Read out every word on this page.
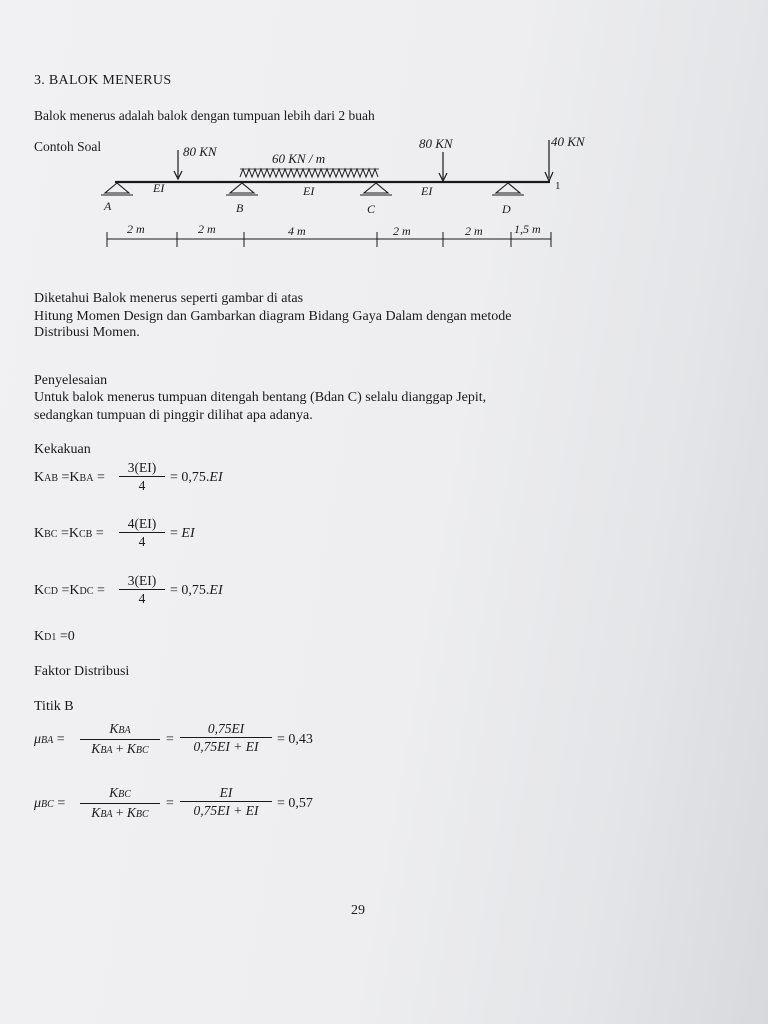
3. BALOK MENERUS
Balok menerus adalah balok dengan tumpuan lebih dari 2 buah
Contoh Soal	80 KN	60 KN / m
80 KN	40 KN
EI	EI	EI
A	B	C	D
1
2 m	2 m	4 m	2 m	2 m	1,5 m
Diketahui Balok menerus seperti gambar di atas
Hitung Momen Design dan Gambarkan diagram Bidang Gaya Dalam dengan metode
Distribusi Momen.
Penyelesaian
Untuk balok menerus tumpuan ditengah bentang (Bdan C) selalu dianggap Jepit,
sedangkan tumpuan di pinggir dilihat apa adanya.
Kekakuan
KAB =KBA =
3(EI)
4
= 0,75.EI
KBC =KCB =
4(EI)
4
= EI
KCD =KDC =
3(EI)
4
= 0,75.EI
KD1 =0
Faktor Distribusi
Titik B
μBA =
KBA
KBA + KBC
=
0,75EI
0,75EI + EI	= 0,43
μBC =
KBC
KBA + KBC
=
EI
0,75EI + EI	= 0,57
29
